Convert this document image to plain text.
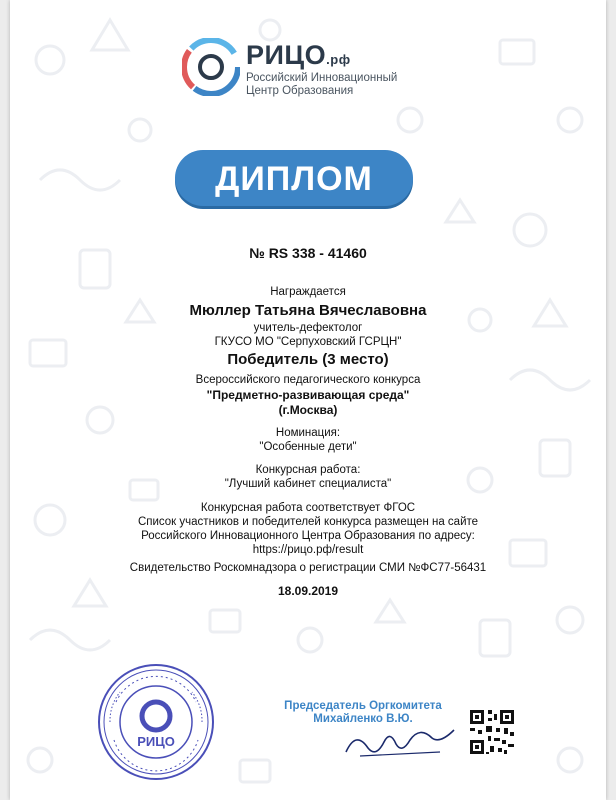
РИЦО.рф
Российский Инновационный
Центр Образования
ДИПЛОМ
№ RS 338 - 41460
Награждается
Мюллер Татьяна Вячеславовна
учитель-дефектолог
ГКУСО МО "Серпуховский ГСРЦН"
Победитель (3 место)
Всероссийского педагогического конкурса
"Предметно-развивающая среда"
(г.Москва)
Номинация:
"Особенные дети"
Конкурсная работа:
"Лучший кабинет специалиста"
Конкурсная работа соответствует ФГОС
Список участников и победителей конкурса размещен на сайте
Российского Инновационного Центра Образования по адресу:
https://рицо.рф/result
Свидетельство Роскомнадзора о регистрации СМИ №ФС77-56431
18.09.2019
РИЦО
Председатель Оргкомитета
Михайленко В.Ю.
